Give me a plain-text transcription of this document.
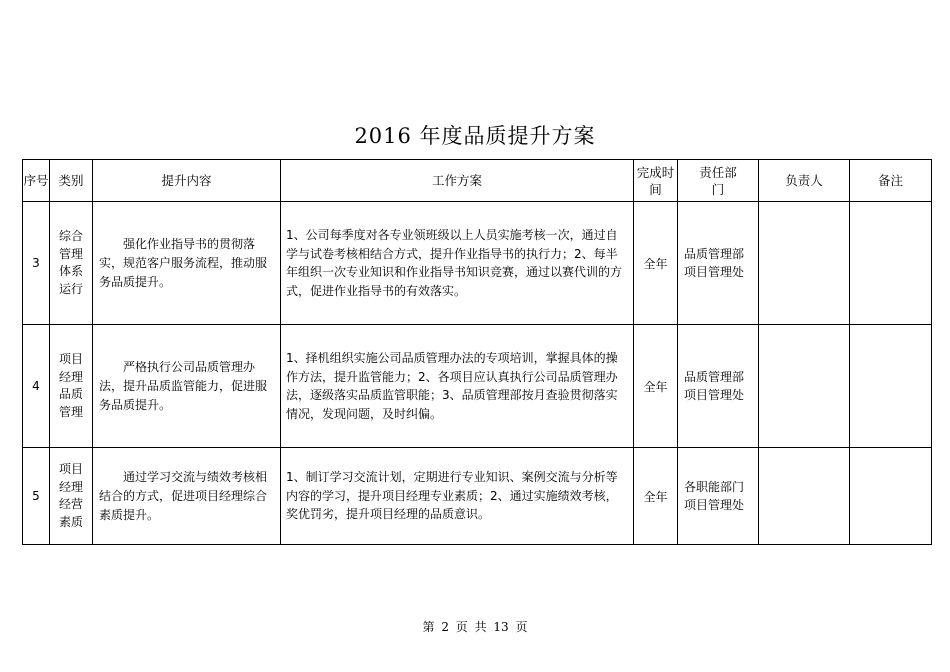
2016 年度品质提升方案
序号	类别	提升内容	工作方案	完成时间	责任部门	负责人	备注
3	综合管理体系运行	强化作业指导书的贯彻落实，规范客户服务流程，推动服务品质提升。	1、公司每季度对各专业领班级以上人员实施考核一次，通过自学与试卷考核相结合方式，提升作业指导书的执行力；2、每半年组织一次专业知识和作业指导书知识竞赛，通过以赛代训的方式，促进作业指导书的有效落实。	全年	品质管理部项目管理处		
4	项目经理品质管理	严格执行公司品质管理办法，提升品质监管能力，促进服务品质提升。	1、择机组织实施公司品质管理办法的专项培训，掌握具体的操作方法，提升监管能力；2、各项目应认真执行公司品质管理办法，逐级落实品质监管职能；3、品质管理部按月查验贯彻落实情况，发现问题，及时纠偏。	全年	品质管理部项目管理处		
5	项目经理经营素质	通过学习交流与绩效考核相结合的方式，促进项目经理综合素质提升。	1、制订学习交流计划，定期进行专业知识、案例交流与分析等内容的学习，提升项目经理专业素质；2、通过实施绩效考核，奖优罚劣，提升项目经理的品质意识。	全年	各职能部门项目管理处		
第 2 页 共 13 页
